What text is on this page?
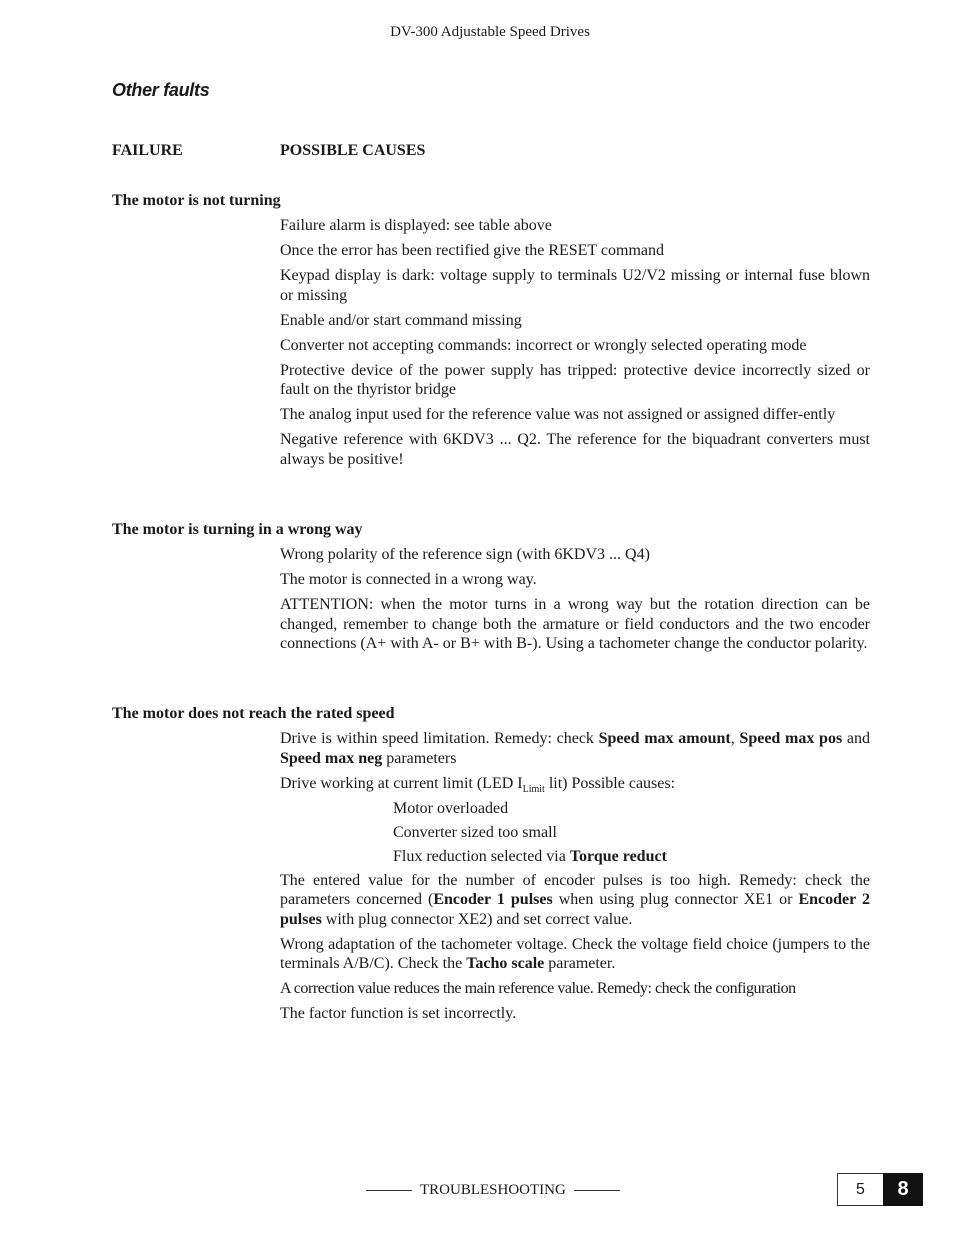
DV-300 Adjustable Speed Drives
Other faults
FAILURE	POSSIBLE CAUSES
The motor is not turning
Failure alarm is displayed: see table above
Once the error has been rectified give the RESET command
Keypad display is dark: voltage supply to terminals U2/V2 missing or internal fuse blown or missing
Enable and/or start command missing
Converter not accepting commands: incorrect or wrongly selected operating mode
Protective device of the power supply has tripped: protective device incorrectly sized or fault on the thyristor bridge
The analog input used for the reference value was not assigned or assigned differ-ently
Negative reference with 6KDV3 ... Q2. The reference for the biquadrant converters must always be positive!
The motor is turning in a wrong way
Wrong polarity of the reference sign (with 6KDV3 ... Q4)
The motor is connected in a wrong way.
ATTENTION: when the motor turns in a wrong way but the rotation direction can be changed, remember to change both the armature or field conductors and the two encoder connections (A+ with A- or B+ with B-). Using a tachometer change the conductor polarity.
The motor does not reach the rated speed
Drive is within speed limitation. Remedy: check Speed max amount, Speed max pos and Speed max neg parameters
Drive working at current limit (LED $I_{Limit}$ lit) Possible causes:
Motor overloaded
Converter sized too small
Flux reduction selected via Torque reduct
The entered value for the number of encoder pulses is too high. Remedy: check the parameters concerned (Encoder 1 pulses when using plug connector XE1 or Encoder 2 pulses with plug connector XE2) and set correct value.
Wrong adaptation of the tachometer voltage. Check the voltage field choice (jumpers to the terminals A/B/C). Check the Tacho scale parameter.
A correction value reduces the main reference value. Remedy: check the configuration
The factor function is set incorrectly.
TROUBLESHOOTING	5	8
